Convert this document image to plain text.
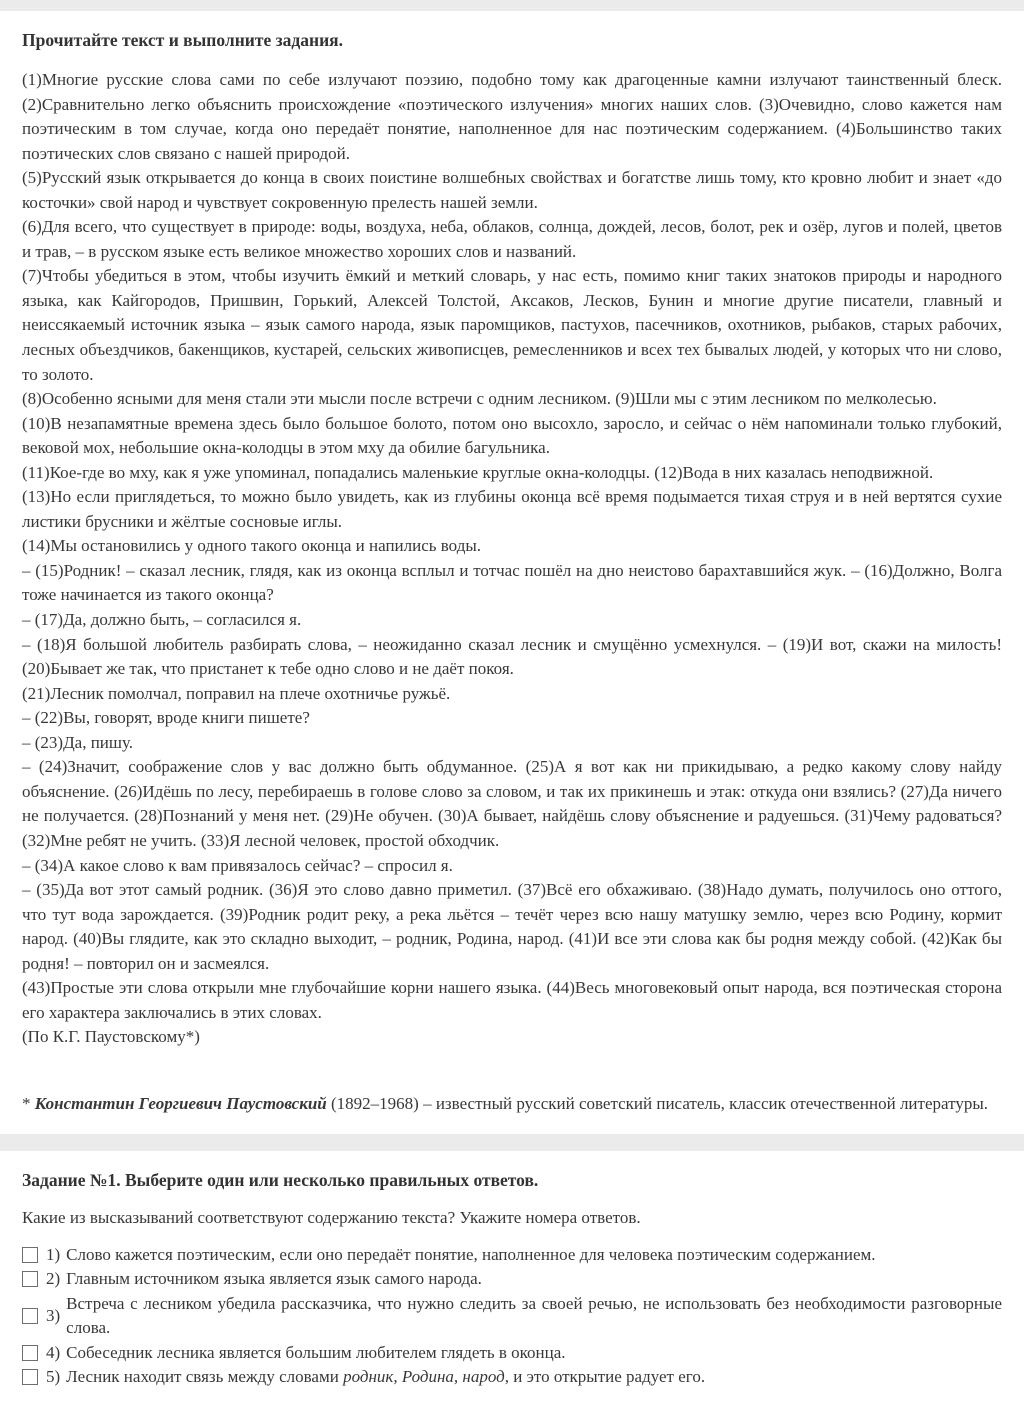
Прочитайте текст и выполните задания.

(1)Многие русские слова сами по себе излучают поэзию, подобно тому как драгоценные камни излучают таинственный блеск. (2)Сравнительно легко объяснить происхождение «поэтического излучения» многих наших слов. (3)Очевидно, слово кажется нам поэтическим в том случае, когда оно передаёт понятие, наполненное для нас поэтическим содержанием. (4)Большинство таких поэтических слов связано с нашей природой.

(5)Русский язык открывается до конца в своих поистине волшебных свойствах и богатстве лишь тому, кто кровно любит и знает «до косточки» свой народ и чувствует сокровенную прелесть нашей земли.

(6)Для всего, что существует в природе: воды, воздуха, неба, облаков, солнца, дождей, лесов, болот, рек и озёр, лугов и полей, цветов и трав, – в русском языке есть великое множество хороших слов и названий.

(7)Чтобы убедиться в этом, чтобы изучить ёмкий и меткий словарь, у нас есть, помимо книг таких знатоков природы и народного языка, как Кайгородов, Пришвин, Горький, Алексей Толстой, Аксаков, Лесков, Бунин и многие другие писатели, главный и неиссякаемый источник языка – язык самого народа, язык паромщиков, пастухов, пасечников, охотников, рыбаков, старых рабочих, лесных объездчиков, бакенщиков, кустарей, сельских живописцев, ремесленников и всех тех бывалых людей, у которых что ни слово, то золото.

(8)Особенно ясными для меня стали эти мысли после встречи с одним лесником. (9)Шли мы с этим лесником по мелколесью.

(10)В незапамятные времена здесь было большое болото, потом оно высохло, заросло, и сейчас о нём напоминали только глубокий, вековой мох, небольшие окна-колодцы в этом мху да обилие багульника.

(11)Кое-где во мху, как я уже упоминал, попадались маленькие круглые окна-колодцы. (12)Вода в них казалась неподвижной.

(13)Но если приглядеться, то можно было увидеть, как из глубины оконца всё время подымается тихая струя и в ней вертятся сухие листики брусники и жёлтые сосновые иглы.

(14)Мы остановились у одного такого оконца и напились воды.

– (15)Родник! – сказал лесник, глядя, как из оконца всплыл и тотчас пошёл на дно неистово барахтавшийся жук. – (16)Должно, Волга тоже начинается из такого оконца?

– (17)Да, должно быть, – согласился я.

– (18)Я большой любитель разбирать слова, – неожиданно сказал лесник и смущённо усмехнулся. – (19)И вот, скажи на милость! (20)Бывает же так, что пристанет к тебе одно слово и не даёт покоя.

(21)Лесник помолчал, поправил на плече охотничье ружьё.

– (22)Вы, говорят, вроде книги пишете?

– (23)Да, пишу.

– (24)Значит, соображение слов у вас должно быть обдуманное. (25)А я вот как ни прикидываю, а редко какому слову найду объяснение. (26)Идёшь по лесу, перебираешь в голове слово за словом, и так их прикинешь и этак: откуда они взялись? (27)Да ничего не получается. (28)Познаний у меня нет. (29)Не обучен. (30)А бывает, найдёшь слову объяснение и радуешься. (31)Чему радоваться? (32)Мне ребят не учить. (33)Я лесной человек, простой обходчик.

– (34)А какое слово к вам привязалось сейчас? – спросил я.

– (35)Да вот этот самый родник. (36)Я это слово давно приметил. (37)Всё его обхаживаю. (38)Надо думать, получилось оно оттого, что тут вода зарождается. (39)Родник родит реку, а река льётся – течёт через всю нашу матушку землю, через всю Родину, кормит народ. (40)Вы глядите, как это складно выходит, – родник, Родина, народ. (41)И все эти слова как бы родня между собой. (42)Как бы родня! – повторил он и засмеялся.

(43)Простые эти слова открыли мне глубочайшие корни нашего языка. (44)Весь многовековый опыт народа, вся поэтическая сторона его характера заключались в этих словах.

(По К.Г. Паустовскому*)

* Константин Георгиевич Паустовский (1892–1968) – известный русский советский писатель, классик отечественной литературы.
Задание №1. Выберите один или несколько правильных ответов.

Какие из высказываний соответствуют содержанию текста? Укажите номера ответов.

1) Слово кажется поэтическим, если оно передаёт понятие, наполненное для человека поэтическим содержанием.
2) Главным источником языка является язык самого народа.
3)
Встреча с лесником убедила рассказчика, что нужно следить за своей речью, не использовать без необходимости разговорные слова.
4) Собеседник лесника является большим любителем глядеть в оконца.
5) Лесник находит связь между словами родник, Родина, народ, и это открытие радует его.
